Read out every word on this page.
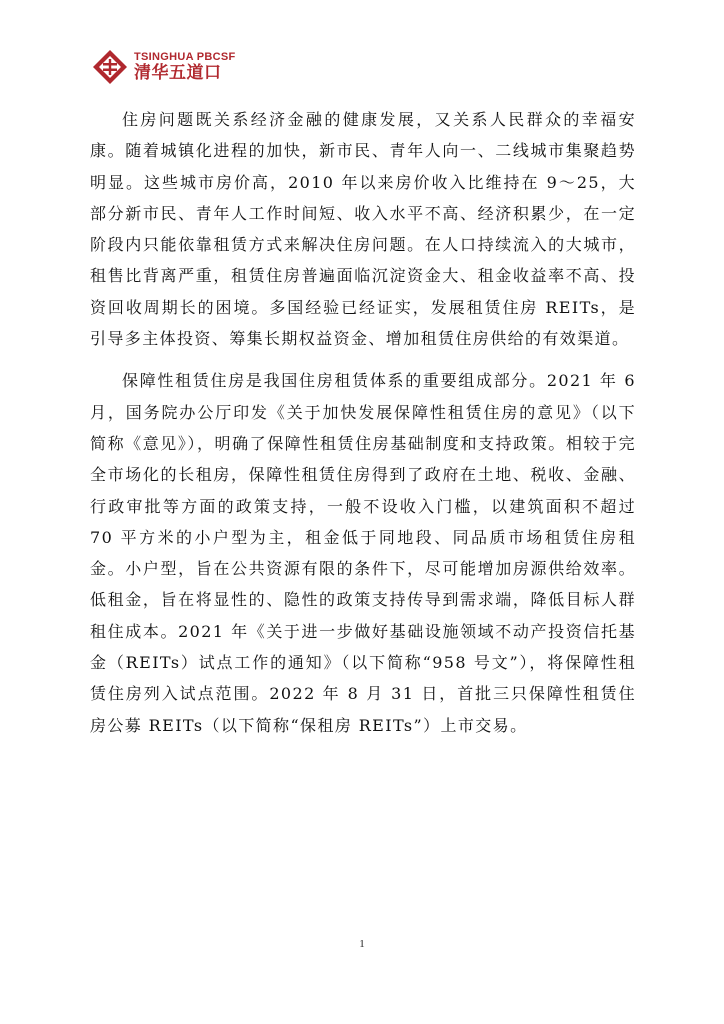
TSINGHUA PBCSF
清华五道口

住房问题既关系经济金融的健康发展，又关系人民群众的幸福安康。随着城镇化进程的加快，新市民、青年人向一、二线城市集聚趋势明显。这些城市房价高，2010 年以来房价收入比维持在 9～25，大部分新市民、青年人工作时间短、收入水平不高、经济积累少，在一定阶段内只能依靠租赁方式来解决住房问题。在人口持续流入的大城市，租售比背离严重，租赁住房普遍面临沉淀资金大、租金收益率不高、投资回收周期长的困境。多国经验已经证实，发展租赁住房 REITs，是引导多主体投资、筹集长期权益资金、增加租赁住房供给的有效渠道。

保障性租赁住房是我国住房租赁体系的重要组成部分。2021 年 6 月，国务院办公厅印发《关于加快发展保障性租赁住房的意见》（以下简称《意见》），明确了保障性租赁住房基础制度和支持政策。相较于完全市场化的长租房，保障性租赁住房得到了政府在土地、税收、金融、行政审批等方面的政策支持，一般不设收入门槛，以建筑面积不超过 70 平方米的小户型为主，租金低于同地段、同品质市场租赁住房租金。小户型，旨在公共资源有限的条件下，尽可能增加房源供给效率。低租金，旨在将显性的、隐性的政策支持传导到需求端，降低目标人群租住成本。2021 年《关于进一步做好基础设施领域不动产投资信托基金（REITs）试点工作的通知》（以下简称“958 号文”），将保障性租赁住房列入试点范围。2022 年 8 月 31 日，首批三只保障性租赁住房公募 REITs（以下简称“保租房 REITs”）上市交易。

1
